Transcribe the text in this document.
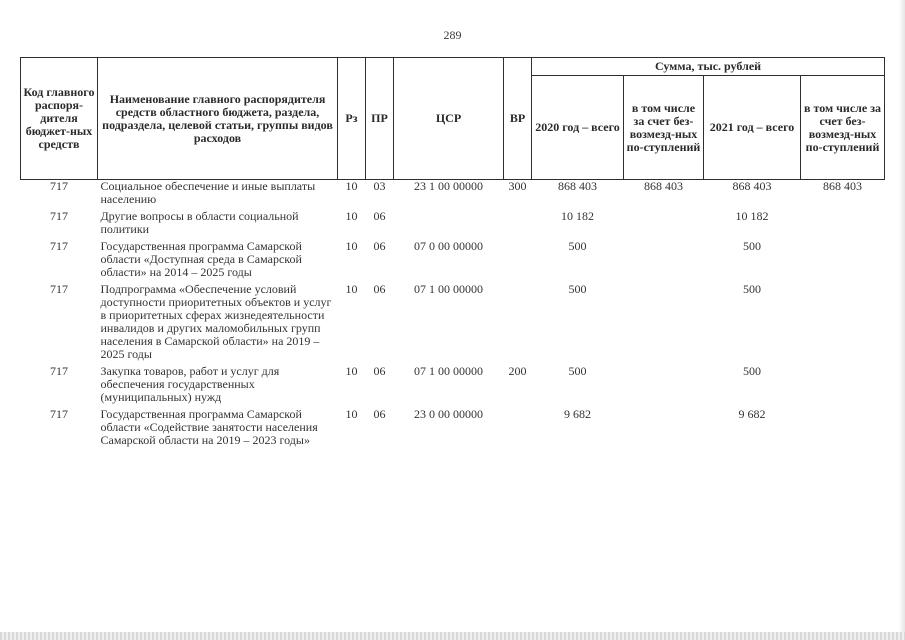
289
Код главного распоря-дителя бюджет-ных средств	Наименование главного распорядителя средств областного бюджета, раздела, подраздела, целевой статьи, группы видов расходов	Рз	ПР	ЦСР	ВР	Сумма, тыс. рублей			
						2020 год – всего	в том числе за счет без-возмезд-ных по-ступлений	2021 год – всего	в том числе за счет без-возмезд-ных по-ступлений
717	Социальное обеспечение и иные выплаты населению	10	03	23 1 00 00000	300	868 403	868 403	868 403	868 403
717	Другие вопросы в области социальной политики	10	06			10 182		10 182	
717	Государственная программа Самарской области «Доступная среда в Самарской области» на 2014 – 2025 годы	10	06	07 0 00 00000		500		500	
717	Подпрограмма «Обеспечение условий доступности приоритетных объектов и услуг в приоритетных сферах жизнедеятельности инвалидов и других маломобильных групп населения в Самарской области» на 2019 – 2025 годы	10	06	07 1 00 00000		500		500	
717	Закупка товаров, работ и услуг для обеспечения государственных (муниципальных) нужд	10	06	07 1 00 00000	200	500		500	
717	Государственная программа Самарской области «Содействие занятости населения Самарской области на 2019 – 2023 годы»	10	06	23 0 00 00000		9 682		9 682	
